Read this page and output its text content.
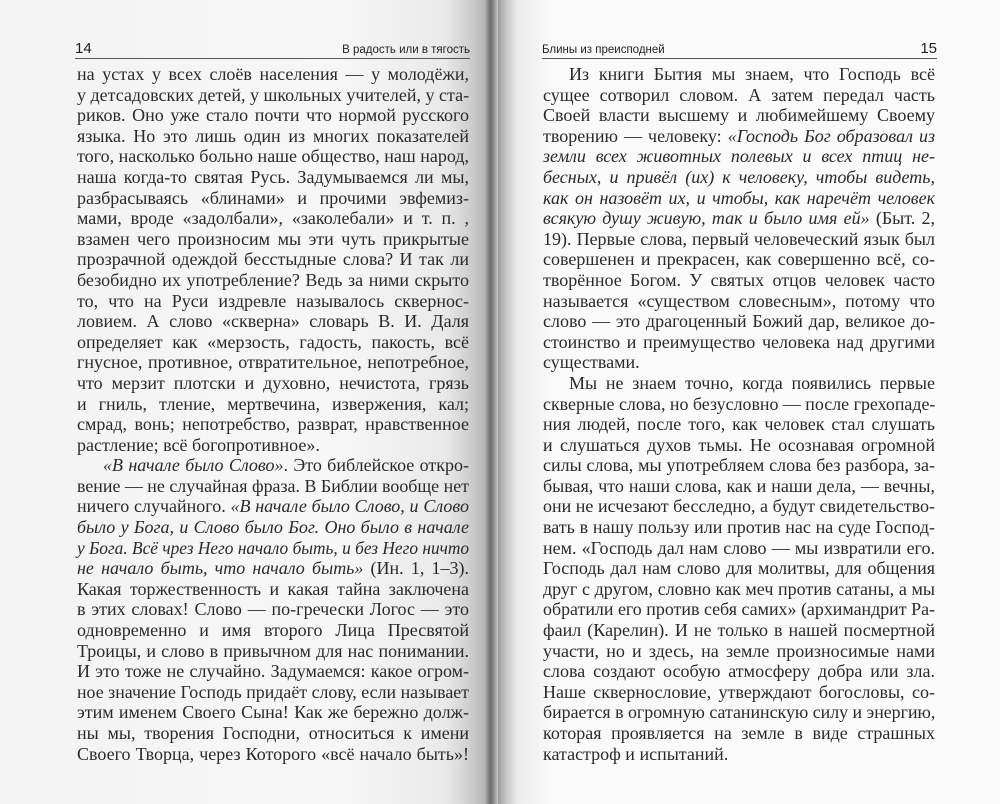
14	В радость или в тягость
на устах у всех слоёв населения — у молодёжи,
у детсадовских детей, у школьных учителей, у ста-
риков. Оно уже стало почти что нормой русского
языка. Но это лишь один из многих показателей
того, насколько больно наше общество, наш народ,
наша когда-то святая Русь. Задумываемся ли мы,
разбрасываясь «блинами» и прочими эвфемиз-
мами, вроде «задолбали», «заколебали» и т. п. ,
взамен чего произносим мы эти чуть прикрытые
прозрачной одеждой бесстыдные слова? И так ли
безобидно их употребление? Ведь за ними скрыто
то, что на Руси издревле называлось скверноc-
ловием. А слово «скверна» словарь В. И. Даля
определяет как «мерзость, гадость, пакость, всё
гнусное, противное, отвратительное, непотребное,
что мерзит плотски и духовно, нечистота, грязь
и гниль, тление, мертвечина, извержения, кал;
смрад, вонь; непотребство, разврат, нравственное
растление; всё богопротивное».
«В начале было Слово». Это библейское откро-
вение — не случайная фраза. В Библии вообще нет
ничего случайного. «В начале было Слово, и Слово
было у Бога, и Слово было Бог. Оно было в начале
у Бога. Всё чрез Него начало быть, и без Него ничто
не начало быть, что начало быть» (Ин. 1, 1–3).
Какая торжественность и какая тайна заключена
в этих словах! Слово — по-гречески Логос — это
одновременно и имя второго Лица Пресвятой
Троицы, и слово в привычном для нас понимании.
И это тоже не случайно. Задумаемся: какое огром-
ное значение Господь придаёт слову, если называет
этим именем Своего Сына! Как же бережно долж-
ны мы, творения Господни, относиться к имени
Своего Творца, через Которого «всё начало быть»!
Блины из преисподней	15
Из книги Бытия мы знаем, что Господь всё
сущее сотворил словом. А затем передал часть
Своей власти высшему и любимейшему Своему
творению — человеку: «Господь Бог образовал из
земли всех животных полевых и всех птиц не-
бесных, и привёл (их) к человеку, чтобы видеть,
как он назовёт их, и чтобы, как наречёт человек
всякую душу живую, так и было имя ей» (Быт. 2,
19). Первые слова, первый человеческий язык был
совершенен и прекрасен, как совершенно всё, со-
творённое Богом. У святых отцов человек часто
называется «существом словесным», потому что
слово — это драгоценный Божий дар, великое до-
стоинство и преимущество человека над другими
существами.
Мы не знаем точно, когда появились первые
скверные слова, но безусловно — после грехопаде-
ния людей, после того, как человек стал слушать
и слушаться духов тьмы. Не осознавая огромной
силы слова, мы употребляем слова без разбора, за-
бывая, что наши слова, как и наши дела, — вечны,
они не исчезают бесследно, а будут свидетельство-
вать в нашу пользу или против нас на суде Господ-
нем. «Господь дал нам слово — мы извратили его.
Господь дал нам слово для молитвы, для общения
друг с другом, словно как меч против сатаны, а мы
обратили его против себя самих» (архимандрит Ра-
фаил (Карелин). И не только в нашей посмертной
участи, но и здесь, на земле произносимые нами
слова создают особую атмосферу добра или зла.
Наше сквернословие, утверждают богословы, со-
бирается в огромную сатанинскую силу и энергию,
которая проявляется на земле в виде страшных
катастроф и испытаний.
